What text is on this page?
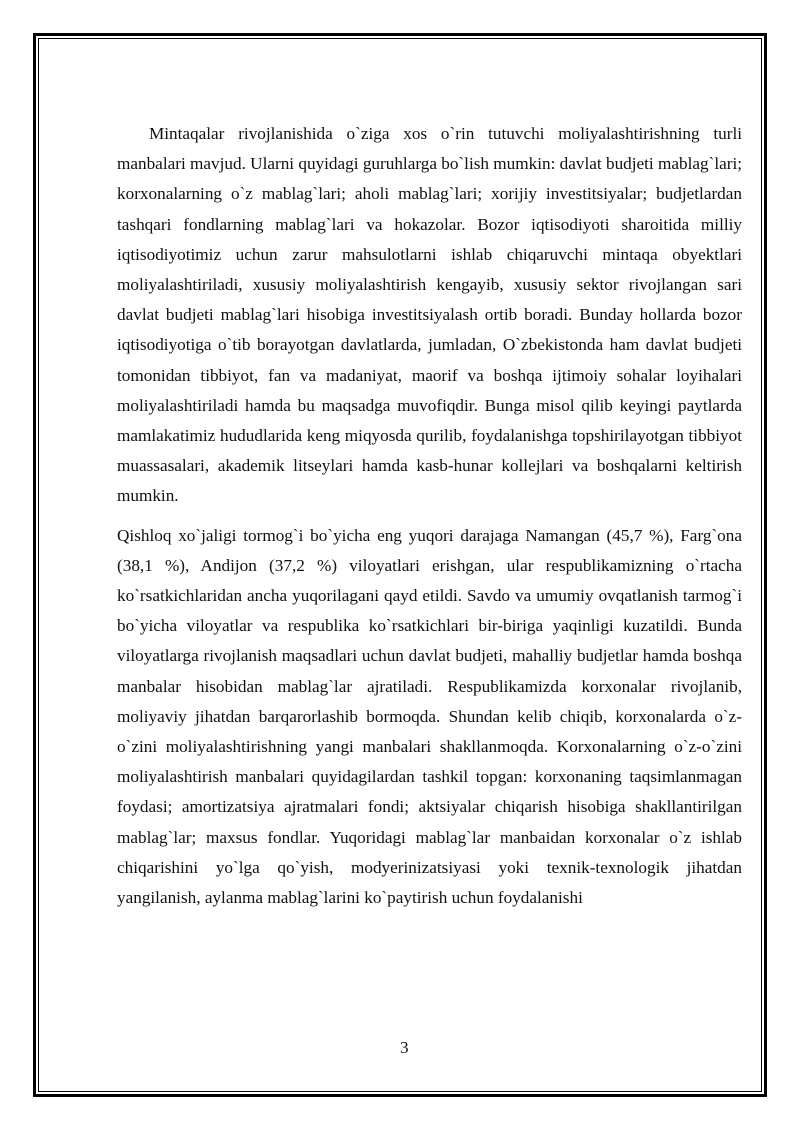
Mintaqalar rivojlanishida o`ziga xos o`rin tutuvchi moliyalashtirishning turli manbalari mavjud. Ularni quyidagi guruhlarga bo`lish mumkin: davlat budjeti mablag`lari; korxonalarning o`z mablag`lari; aholi mablag`lari; xorijiy investitsiyalar; budjetlardan tashqari fondlarning mablag`lari va hokazolar. Bozor iqtisodiyoti sharoitida milliy iqtisodiyotimiz uchun zarur mahsulotlarni ishlab chiqaruvchi mintaqa obyektlari moliyalashtiriladi, xususiy moliyalashtirish kengayib, xususiy sektor rivojlangan sari davlat budjeti mablag`lari hisobiga investitsiyalash ortib boradi. Bunday hollarda bozor iqtisodiyotiga o`tib borayotgan davlatlarda, jumladan, O`zbekistonda ham davlat budjeti tomonidan tibbiyot, fan va madaniyat, maorif va boshqa ijtimoiy sohalar loyihalari moliyalashtiriladi hamda bu maqsadga muvofiqdir. Bunga misol qilib keyingi paytlarda mamlakatimiz hududlarida keng miqyosda qurilib, foydalanishga topshirilayotgan tibbiyot muassasalari, akademik litseylari hamda kasb-hunar kollejlari va boshqalarni keltirish mumkin.

Qishloq xo`jaligi tormog`i bo`yicha eng yuqori darajaga Namangan (45,7 %), Farg`ona (38,1 %), Andijon (37,2 %) viloyatlari erishgan, ular respublikamizning o`rtacha ko`rsatkichlaridan ancha yuqorilagani qayd etildi. Savdo va umumiy ovqatlanish tarmog`i bo`yicha viloyatlar va respublika ko`rsatkichlari bir-biriga yaqinligi kuzatildi. Bunda viloyatlarga rivojlanish maqsadlari uchun davlat budjeti, mahalliy budjetlar hamda boshqa manbalar hisobidan mablag`lar ajratiladi. Respublikamizda korxonalar rivojlanib, moliyaviy jihatdan barqarorlashib bormoqda. Shundan kelib chiqib, korxonalarda o`z-o`zini moliyalashtirishning yangi manbalari shakllanmoqda. Korxonalarning o`z-o`zini moliyalashtirish manbalari quyidagilardan tashkil topgan: korxonaning taqsimlanmagan foydasi; amortizatsiya ajratmalari fondi; aktsiyalar chiqarish hisobiga shakllantirilgan mablag`lar; maxsus fondlar. Yuqoridagi mablag`lar manbaidan korxonalar o`z ishlab chiqarishini yo`lga qo`yish, modyerinizatsiyasi yoki texnik-texnologik jihatdan yangilanish, aylanma mablag`larini ko`paytirish uchun foydalanishi

3
